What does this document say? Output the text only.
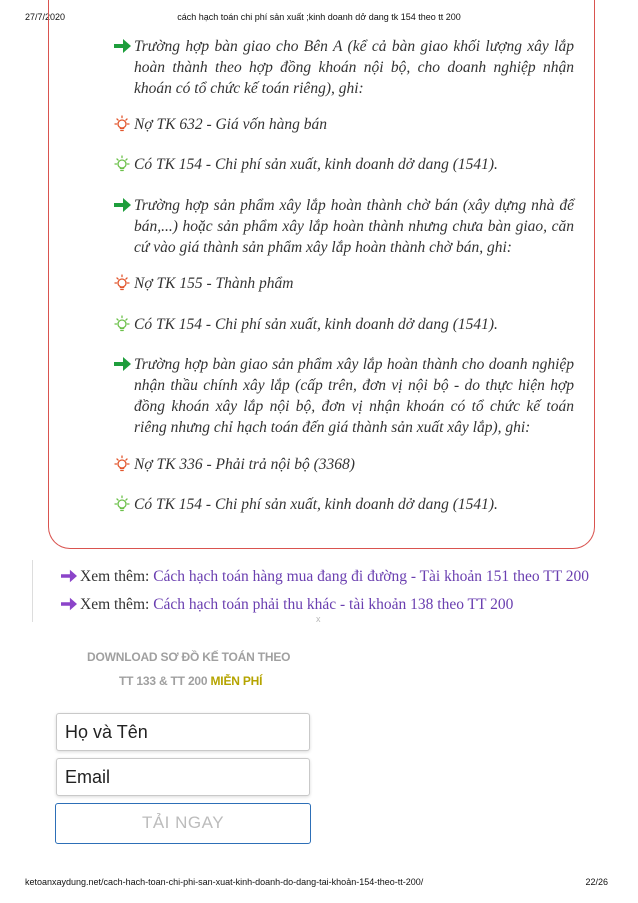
27/7/2020	cách hạch toán chi phí sản xuất ;kinh doanh dở dang tk 154 theo tt 200
Trường hợp bàn giao cho Bên A (kể cả bàn giao khối lượng xây lắp hoàn thành theo hợp đồng khoán nội bộ, cho doanh nghiệp nhận khoán có tổ chức kế toán riêng), ghi:
Nợ TK 632 - Giá vốn hàng bán
Có TK 154 - Chi phí sản xuất, kinh doanh dở dang (1541).
Trường hợp sản phẩm xây lắp hoàn thành chờ bán (xây dựng nhà để bán,...) hoặc sản phẩm xây lắp hoàn thành nhưng chưa bàn giao, căn cứ vào giá thành sản phẩm xây lắp hoàn thành chờ bán, ghi:
Nợ TK 155 - Thành phẩm
Có TK 154 - Chi phí sản xuất, kinh doanh dở dang (1541).
Trường hợp bàn giao sản phẩm xây lắp hoàn thành cho doanh nghiệp nhận thầu chính xây lắp (cấp trên, đơn vị nội bộ - do thực hiện hợp đồng khoán xây lắp nội bộ, đơn vị nhận khoán có tổ chức kế toán riêng nhưng chỉ hạch toán đến giá thành sản xuất xây lắp), ghi:
Nợ TK 336 - Phải trả nội bộ (3368)
Có TK 154 - Chi phí sản xuất, kinh doanh dở dang (1541).
Xem thêm: Cách hạch toán hàng mua đang đi đường - Tài khoản 151 theo TT 200
Xem thêm: Cách hạch toán phải thu khác - tài khoản 138 theo TT 200
x
DOWNLOAD SƠ ĐỒ KẾ TOÁN THEO
TT 133 & TT 200 MIỄN PHÍ
Họ và Tên
Email
TẢI NGAY
ketoanxaydung.net/cach-hach-toan-chi-phi-san-xuat-kinh-doanh-do-dang-tai-khoản-154-theo-tt-200/	22/26
